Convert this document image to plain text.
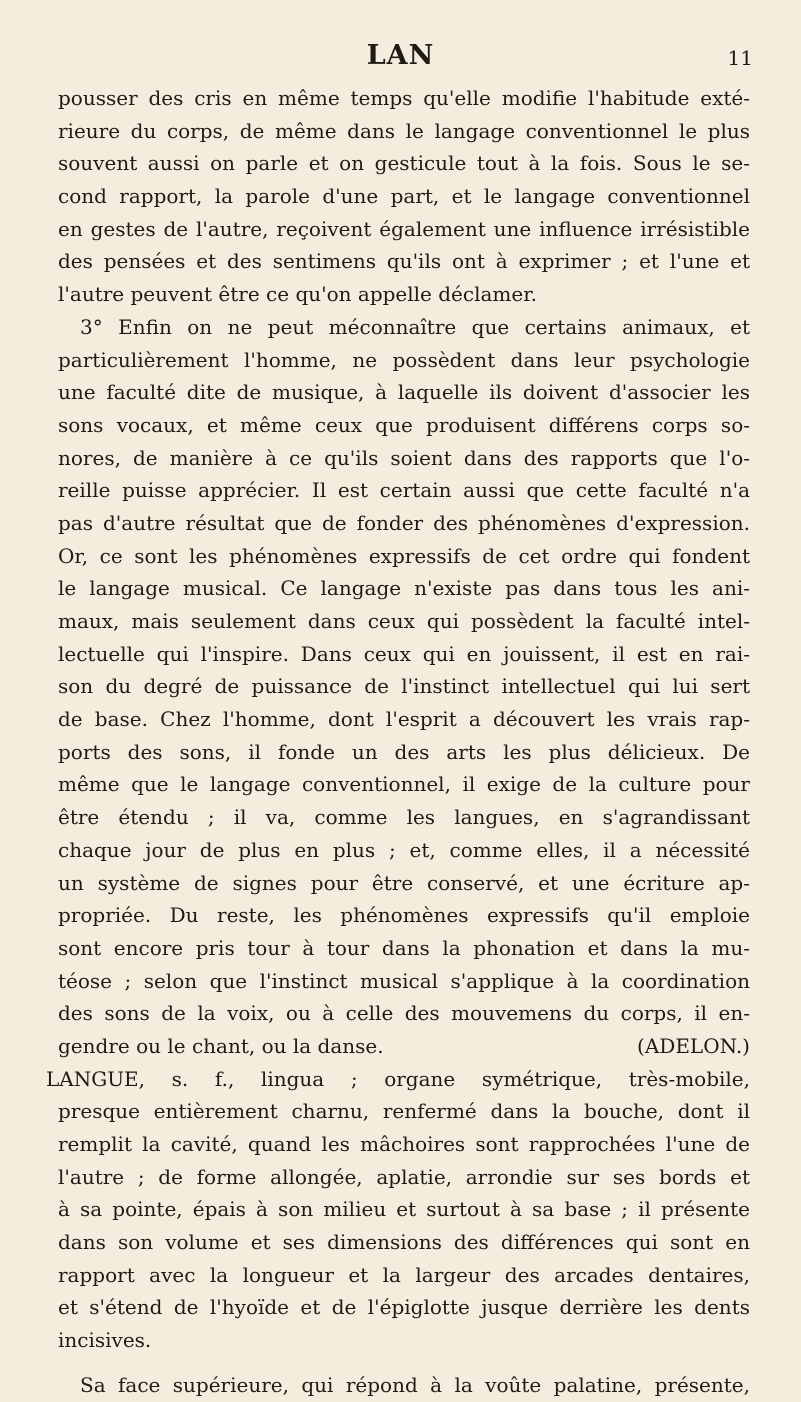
LAN	11
pousser des cris en même temps qu'elle modifie l'habitude exté-
rieure du corps, de même dans le langage conventionnel le plus
souvent aussi on parle et on gesticule tout à la fois. Sous le se-
cond rapport, la parole d'une part, et le langage conventionnel
en gestes de l'autre, reçoivent également une influence irrésistible
des pensées et des sentimens qu'ils ont à exprimer ; et l'une et
l'autre peuvent être ce qu'on appelle déclamer.
3° Enfin on ne peut méconnaître que certains animaux, et
particulièrement l'homme, ne possèdent dans leur psychologie
une faculté dite de musique, à laquelle ils doivent d'associer les
sons vocaux, et même ceux que produisent différens corps so-
nores, de manière à ce qu'ils soient dans des rapports que l'o-
reille puisse apprécier. Il est certain aussi que cette faculté n'a
pas d'autre résultat que de fonder des phénomènes d'expression.
Or, ce sont les phénomènes expressifs de cet ordre qui fondent
le langage musical. Ce langage n'existe pas dans tous les ani-
maux, mais seulement dans ceux qui possèdent la faculté intel-
lectuelle qui l'inspire. Dans ceux qui en jouissent, il est en rai-
son du degré de puissance de l'instinct intellectuel qui lui sert
de base. Chez l'homme, dont l'esprit a découvert les vrais rap-
ports des sons, il fonde un des arts les plus délicieux. De
même que le langage conventionnel, il exige de la culture pour
être étendu ; il va, comme les langues, en s'agrandissant
chaque jour de plus en plus ; et, comme elles, il a nécessité
un système de signes pour être conservé, et une écriture ap-
propriée. Du reste, les phénomènes expressifs qu'il emploie
sont encore pris tour à tour dans la phonation et dans la mu-
téose ; selon que l'instinct musical s'applique à la coordination
des sons de la voix, ou à celle des mouvemens du corps, il en-
gendre ou le chant, ou la danse.	(ADELON.)
LANGUE, s. f., lingua ; organe symétrique, très-mobile,
presque entièrement charnu, renfermé dans la bouche, dont il
remplit la cavité, quand les mâchoires sont rapprochées l'une de
l'autre ; de forme allongée, aplatie, arrondie sur ses bords et
à sa pointe, épais à son milieu et surtout à sa base ; il présente
dans son volume et ses dimensions des différences qui sont en
rapport avec la longueur et la largeur des arcades dentaires,
et s'étend de l'hyoïde et de l'épiglotte jusque derrière les dents
incisives.
Sa face supérieure, qui répond à la voûte palatine, présente,
